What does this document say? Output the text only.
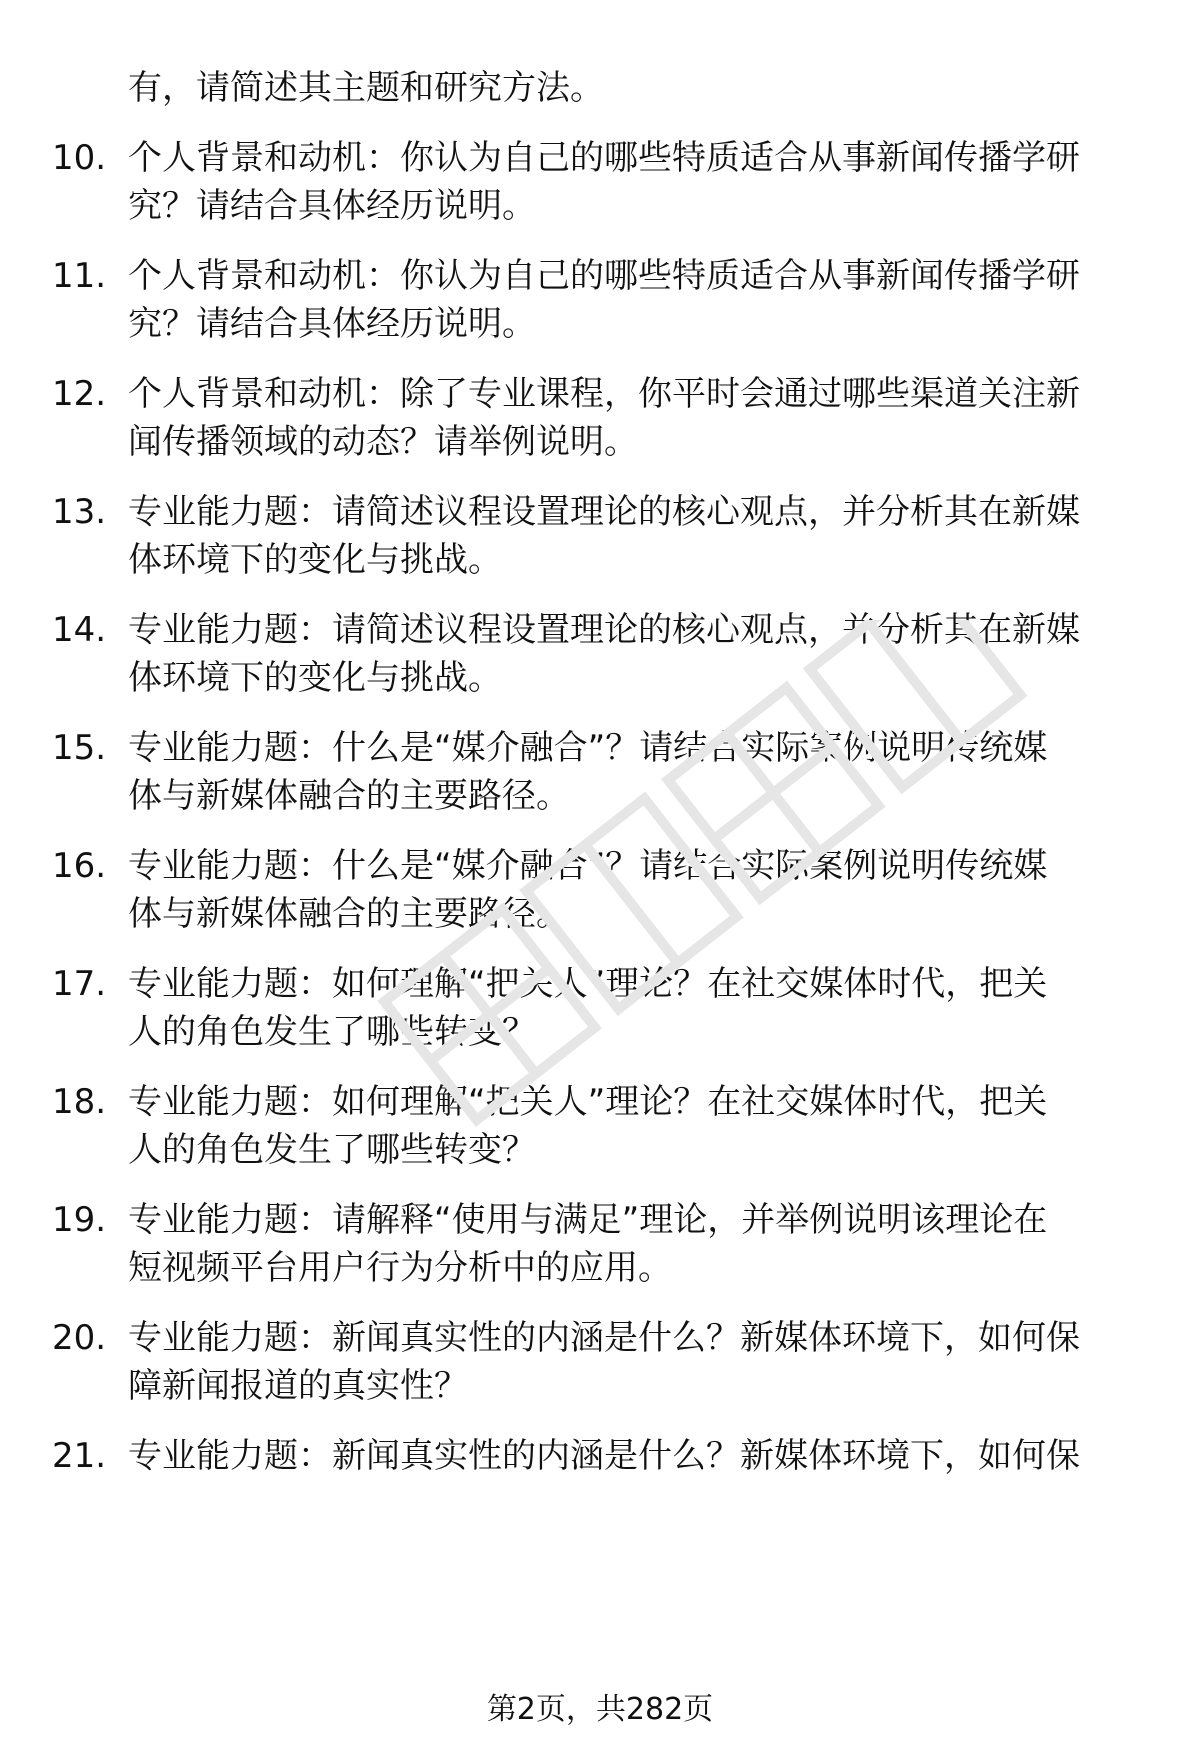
有，请简述其主题和研究方法。
10. 个人背景和动机：你认为自己的哪些特质适合从事新闻传播学研
究？请结合具体经历说明。
11. 个人背景和动机：你认为自己的哪些特质适合从事新闻传播学研
究？请结合具体经历说明。
12. 个人背景和动机：除了专业课程，你平时会通过哪些渠道关注新
闻传播领域的动态？请举例说明。
13. 专业能力题：请简述议程设置理论的核心观点，并分析其在新媒
体环境下的变化与挑战。
14. 专业能力题：请简述议程设置理论的核心观点，并分析其在新媒
体环境下的变化与挑战。
15. 专业能力题：什么是“媒介融合”？请结合实际案例说明传统媒
体与新媒体融合的主要路径。
16. 专业能力题：什么是“媒介融合”？请结合实际案例说明传统媒
体与新媒体融合的主要路径。
17. 专业能力题：如何理解“把关人”理论？在社交媒体时代，把关
人的角色发生了哪些转变？
18. 专业能力题：如何理解“把关人”理论？在社交媒体时代，把关
人的角色发生了哪些转变？
19. 专业能力题：请解释“使用与满足”理论，并举例说明该理论在
短视频平台用户行为分析中的应用。
20. 专业能力题：新闻真实性的内涵是什么？新媒体环境下，如何保
障新闻报道的真实性？
21. 专业能力题：新闻真实性的内涵是什么？新媒体环境下，如何保
第2页，共282页
